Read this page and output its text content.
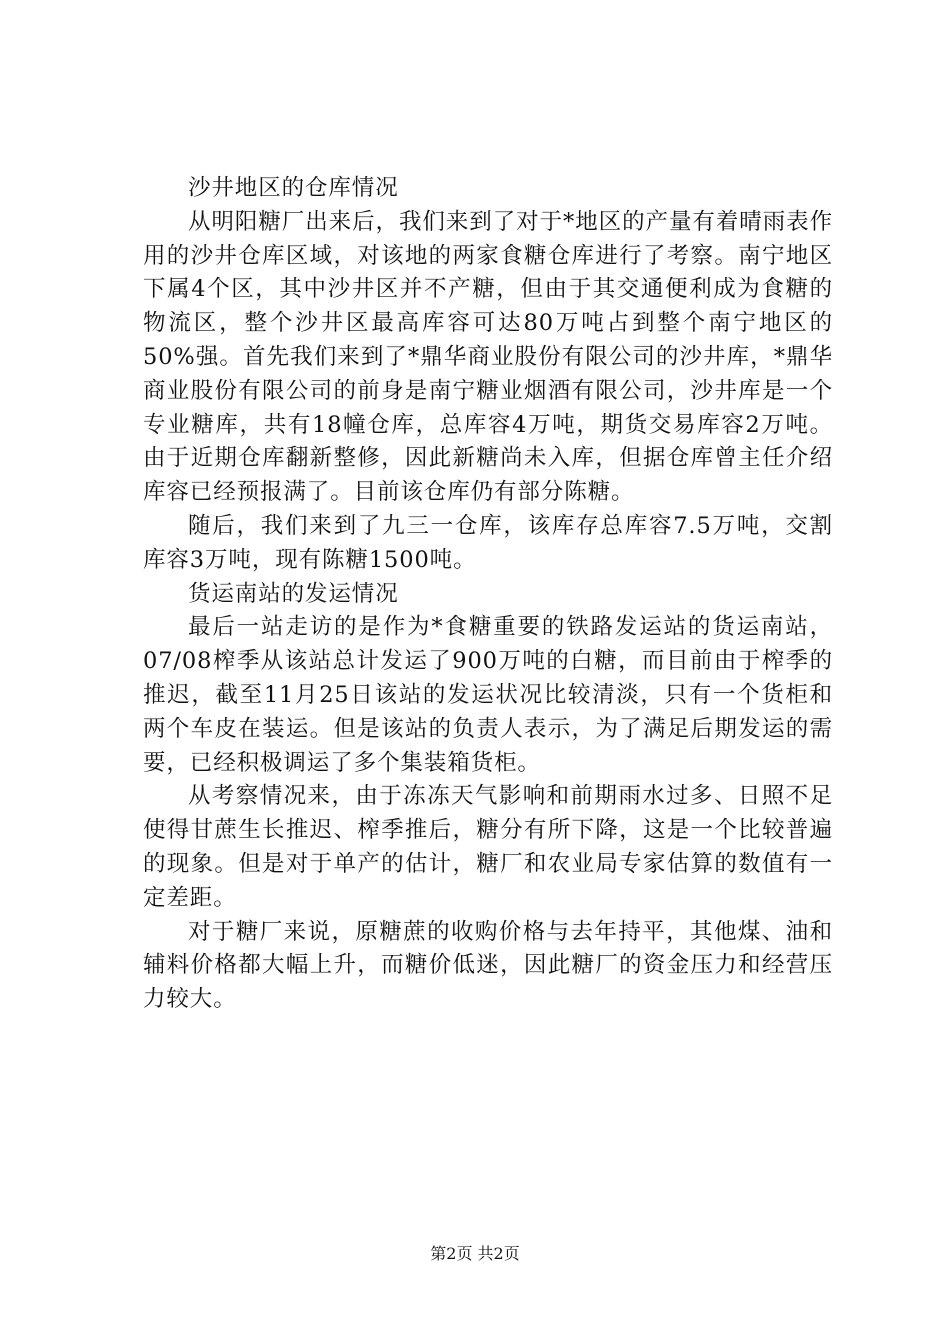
沙井地区的仓库情况

从明阳糖厂出来后，我们来到了对于*地区的产量有着晴雨表作用的沙井仓库区域，对该地的两家食糖仓库进行了考察。南宁地区下属4个区，其中沙井区并不产糖，但由于其交通便利成为食糖的物流区，整个沙井区最高库容可达80万吨占到整个南宁地区的50%强。首先我们来到了*鼎华商业股份有限公司的沙井库，*鼎华商业股份有限公司的前身是南宁糖业烟酒有限公司，沙井库是一个专业糖库，共有18幢仓库，总库容4万吨，期货交易库容2万吨。由于近期仓库翻新整修，因此新糖尚未入库，但据仓库曾主任介绍库容已经预报满了。目前该仓库仍有部分陈糖。

随后，我们来到了九三一仓库，该库存总库容7.5万吨，交割库容3万吨，现有陈糖1500吨。

货运南站的发运情况

最后一站走访的是作为*食糖重要的铁路发运站的货运南站，07/08榨季从该站总计发运了900万吨的白糖，而目前由于榨季的推迟，截至11月25日该站的发运状况比较清淡，只有一个货柜和两个车皮在装运。但是该站的负责人表示，为了满足后期发运的需要，已经积极调运了多个集装箱货柜。

从考察情况来，由于冻冻天气影响和前期雨水过多、日照不足使得甘蔗生长推迟、榨季推后，糖分有所下降，这是一个比较普遍的现象。但是对于单产的估计，糖厂和农业局专家估算的数值有一定差距。

对于糖厂来说，原糖蔗的收购价格与去年持平，其他煤、油和辅料价格都大幅上升，而糖价低迷，因此糖厂的资金压力和经营压力较大。

第2页 共2页
